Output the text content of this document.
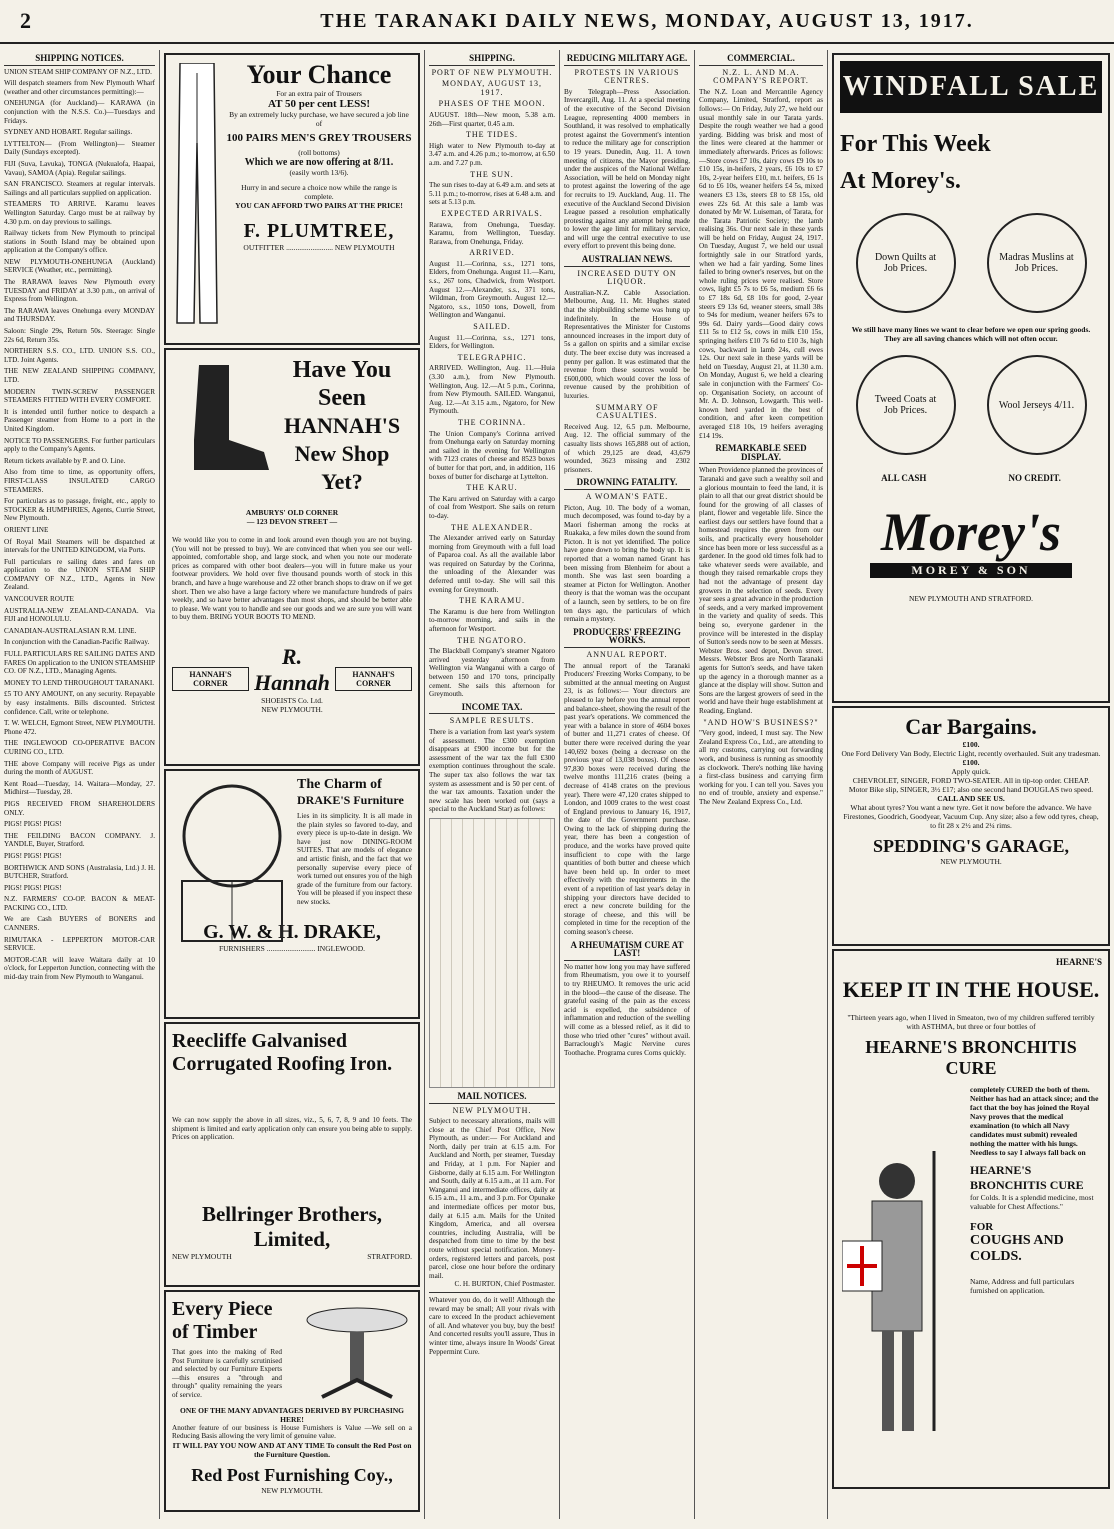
2	THE TARANAKI DAILY NEWS, MONDAY, AUGUST 13, 1917.
SHIPPING NOTICES.

UNION STEAM SHIP COMPANY OF N.Z., LTD.

Will despatch steamers from New Plymouth Wharf (weather and other circumstances permitting):—

ONEHUNGA (for Auckland)— KARAWA (in conjunction with the N.S.S. Co.)—Tuesdays and Fridays.

SYDNEY AND HOBART. Regular sailings.

LYTTELTON— (From Wellington)— Steamer Daily (Sundays excepted).

FIJI (Suva, Lavuka), TONGA (Nukualofa, Haapai, Vavau), SAMOA (Apia). Regular sailings.

SAN FRANCISCO. Steamers at regular intervals. Sailings and all particulars supplied on application.

STEAMERS TO ARRIVE. Karamu leaves Wellington Saturday. Cargo must be at railway by 4.30 p.m. on day previous to sailings.

Railway tickets from New Plymouth to principal stations in South Island may be obtained upon application at the Company's office.

NEW PLYMOUTH-ONEHUNGA (Auckland) SERVICE (Weather, etc., permitting).

The RARAWA leaves New Plymouth every TUESDAY and FRIDAY at 3.30 p.m., on arrival of Express from Wellington.

The RARAWA leaves Onehunga every MONDAY and THURSDAY.

Saloon: Single 29s, Return 50s. Steerage: Single 22s 6d, Return 35s.

NORTHERN S.S. CO., LTD. UNION S.S. CO., LTD. Joint Agents.

THE NEW ZEALAND SHIPPING COMPANY, LTD.

MODERN TWIN-SCREW PASSENGER STEAMERS FITTED WITH EVERY COMFORT.

It is intended until further notice to despatch a Passenger steamer from Home to a port in the United Kingdom.

NOTICE TO PASSENGERS. For further particulars apply to the Company's Agents.

Return tickets available by P. and O. Line.

Also from time to time, as opportunity offers, FIRST-CLASS INSULATED CARGO STEAMERS.

For particulars as to passage, freight, etc., apply to STOCKER & HUMPHRIES, Agents, Currie Street, New Plymouth.

ORIENT LINE

Of Royal Mail Steamers will be dispatched at intervals for the UNITED KINGDOM, via Ports.

Full particulars re sailing dates and fares on application to the UNION STEAM SHIP COMPANY OF N.Z., LTD., Agents in New Zealand.

VANCOUVER ROUTE

AUSTRALIA-NEW ZEALAND-CANADA. Via FIJI and HONOLULU.

CANADIAN-AUSTRALASIAN R.M. LINE.

In conjunction with the Canadian-Pacific Railway.

FULL PARTICULARS RE SAILING DATES AND FARES On application to the UNION STEAMSHIP CO. OF N.Z., LTD., Managing Agents.

MONEY TO LEND THROUGHOUT TARANAKI.

£5 TO ANY AMOUNT, on any security. Repayable by easy instalments. Bills discounted. Strictest confidence. Call, write or telephone.

T. W. WELCH, Egmont Street, NEW PLYMOUTH. Phone 472.

THE INGLEWOOD CO-OPERATIVE BACON CURING CO., LTD.

THE above Company will receive Pigs as under during the month of AUGUST.

Kent Road—Tuesday, 14. Waitara—Monday, 27. Midhirst—Tuesday, 28.

PIGS RECEIVED FROM SHAREHOLDERS ONLY.

PIGS! PIGS! PIGS!

THE FEILDING BACON COMPANY. J. YANDLE, Buyer, Stratford.

PIGS! PIGS! PIGS!

BORTHWICK AND SONS (Australasia, Ltd.) J. H. BUTCHER, Stratford.

PIGS! PIGS! PIGS!

N.Z. FARMERS' CO-OP. BACON & MEAT-PACKING CO., LTD.

We are Cash BUYERS of BONERS and CANNERS.

RIMUTAKA - LEPPERTON MOTOR-CAR SERVICE.

MOTOR-CAR will leave Waitara daily at 10 o'clock, for Lepperton Junction, connecting with the mid-day train from New Plymouth to Wanganui.

Your Chance
For an extra pair of Trousers
AT 50 per cent LESS!
By an extremely lucky purchase, we have secured a job line of
100 PAIRS MEN'S GREY TROUSERS
(roll bottoms)
Which we are now offering at 8/11.
(easily worth 13/6).
Hurry in and secure a choice now while the range is complete.
YOU CAN AFFORD TWO PAIRS AT THE PRICE!
F. PLUMTREE,
OUTFITTER ......................... NEW PLYMOUTH
Have You
Seen
HANNAH'S
New Shop Yet?
AMBURYS' OLD CORNER
— 123 DEVON STREET —
We would like you to come in and look around even though you are not buying. (You will not be pressed to buy). We are convinced that when you see our well-appointed, comfortable shop, and large stock, and when you note our moderate prices as compared with other boot dealers—you will in future make us your footwear providers. We hold over five thousand pounds worth of stock in this branch, and have a huge warehouse and 22 other branch shops to draw on if we get short. Then we also have a large factory where we manufacture hundreds of pairs weekly, and so have better advantages than most shops, and should be better able to please. We want you to handle and see our goods and we are sure you will want to buy them. BRING YOUR BOOTS TO MEND.
HANNAH'S CORNER
R. Hannah
SHOEISTS Co. Ltd.
NEW PLYMOUTH.
HANNAH'S CORNER
The Charm of
DRAKE'S Furniture
Lies in its simplicity. It is all made in the plain styles so favored to-day, and every piece is up-to-date in design. We have just now DINING-ROOM SUITES. That are models of elegance and artistic finish, and the fact that we personally supervise every piece of work turned out ensures you of the high grade of the furniture from our factory. You will be pleased if you inspect these new stocks.
G. W. & H. DRAKE,
FURNISHERS .......................... INGLEWOOD.
Reecliffe Galvanised
Corrugated Roofing Iron.
We can now supply the above in all sizes, viz., 5, 6, 7, 8, 9 and 10 feets. The shipment is limited and early application only can ensure you being able to supply. Prices on application.
Bellringer Brothers, Limited,
NEW PLYMOUTH	STRATFORD.
Every Piece
of Timber
That goes into the making of Red Post Furniture is carefully scrutinised and selected by our Furniture Experts—this ensures a "through and through" quality remaining the years of service.
ONE OF THE MANY ADVANTAGES DERIVED BY PURCHASING HERE!
Another feature of our business is House Furnishers is Value —We sell on a Reducing Basis allowing the very limit of genuine value.
IT WILL PAY YOU NOW AND AT ANY TIME To consult the Red Post on the Furniture Question.
Red Post Furnishing Coy.,
NEW PLYMOUTH.
SHIPPING.
PORT OF NEW PLYMOUTH.
MONDAY, AUGUST 13, 1917.
PHASES OF THE MOON.

AUGUST. 18th—New moon, 5.38 a.m. 26th—First quarter, 0.45 a.m.

THE TIDES.

High water to New Plymouth to-day at 3.47 a.m. and 4.26 p.m.; to-morrow, at 6.50 a.m. and 7.27 p.m.

THE SUN.

The sun rises to-day at 6.49 a.m. and sets at 5.11 p.m.; to-morrow, rises at 6.48 a.m. and sets at 5.13 p.m.

EXPECTED ARRIVALS.

Rarawa, from Onehunga, Tuesday. Karamu, from Wellington, Tuesday. Rarawa, from Onehunga, Friday.

ARRIVED.

August 11.—Corinna, s.s., 1271 tons, Elders, from Onehunga. August 11.—Karu, s.s., 267 tons, Chadwick, from Westport. August 12.—Alexander, s.s., 371 tons, Wildman, from Greymouth. August 12.—Ngatoro, s.s., 1050 tons, Dowell, from Wellington and Wanganui.

SAILED.

August 11.—Corinna, s.s., 1271 tons, Elders, for Wellington.

TELEGRAPHIC.

ARRIVED. Wellington, Aug. 11.—Huia (3.30 a.m.), from New Plymouth. Wellington, Aug. 12.—At 5 p.m., Corinna, from New Plymouth. SAILED. Wanganui, Aug. 12.—At 3.15 a.m., Ngatoro, for New Plymouth.

THE CORINNA.

The Union Company's Corinna arrived from Onehunga early on Saturday morning and sailed in the evening for Wellington with 7123 crates of cheese and 8523 boxes of butter for that port, and, in addition, 116 boxes of butter for discharge at Lyttelton.

THE KARU.

The Karu arrived on Saturday with a cargo of coal from Westport. She sails on return to-day.

THE ALEXANDER.

The Alexander arrived early on Saturday morning from Greymouth with a full load of Paparoa coal. As all the available labor was required on Saturday by the Corinna, the unloading of the Alexander was deferred until to-day. She will sail this evening for Greymouth.

THE KARAMU.

The Karamu is due here from Wellington to-morrow morning, and sails in the afternoon for Westport.

THE NGATORO.

The Blackball Company's steamer Ngatoro arrived yesterday afternoon from Wellington via Wanganui with a cargo of between 150 and 170 tons, principally cement. She sails this afternoon for Greymouth.

INCOME TAX.
SAMPLE RESULTS.

There is a variation from last year's system of assessment. The £300 exemption disappears at £900 income but for the assessment of the war tax the full £300 exemption continues throughout the scale. The super tax also follows the war tax system as assessment and is 50 per cent. of the war tax amounts. Taxation under the new scale has been worked out (says a special to the Auckland Star) as follows:

MAIL NOTICES.
NEW PLYMOUTH.

Subject to necessary alterations, mails will close at the Chief Post Office, New Plymouth, as under:— For Auckland and North, daily per train at 6.15 a.m. For Auckland and North, per steamer, Tuesday and Friday, at 1 p.m. For Napier and Gisborne, daily at 6.15 a.m. For Wellington and South, daily at 6.15 a.m., at 11 a.m. For Wanganui and intermediate offices, daily at 6.15 a.m., 11 a.m., and 3 p.m. For Opunake and intermediate offices per motor bus, daily at 6.15 a.m. Mails for the United Kingdom, America, and all oversea countries, including Australia, will be despatched from time to time by the best route without special notification. Money-orders, registered letters and parcels, post parcel, close one hour before the ordinary mail.

C. H. BURTON, Chief Postmaster.

Whatever you do, do it well! Although the reward may be small; All your rivals with care to exceed In the product achievement of all. And whatever you buy, buy the best! And concerted results you'll assure, Thus in winter time, always insure In Woods' Great Peppermint Cure.

REDUCING MILITARY AGE.
PROTESTS IN VARIOUS CENTRES.

By Telegraph—Press Association. Invercargill, Aug. 11. At a special meeting of the executive of the Second Division League, representing 4000 members in Southland, it was resolved to emphatically protest against the Government's intention to reduce the military age for conscription to 19 years. Dunedin, Aug. 11. A town meeting of citizens, the Mayor presiding, under the auspices of the National Welfare Association, will be held on Monday night to protest against the lowering of the age for recruits to 19. Auckland, Aug. 11. The executive of the Auckland Second Division League passed a resolution emphatically protesting against any attempt being made to lower the age limit for military service, and will urge the central executive to use every effort to prevent this being done.

AUSTRALIAN NEWS.
INCREASED DUTY ON LIQUOR.

Australian-N.Z. Cable Association. Melbourne, Aug. 11. Mr. Hughes stated that the shipbuilding scheme was hung up indefinitely. In the House of Representatives the Minister for Customs announced increases in the import duty of 5s a gallon on spirits and a similar excise duty. The beer excise duty was increased a penny per gallon. It was estimated that the revenue from these sources would be £600,000, which would cover the loss of revenue caused by the prohibition of luxuries.

SUMMARY OF CASUALTIES.

Received Aug. 12, 6.5 p.m. Melbourne, Aug. 12. The official summary of the casualty lists shows 165,888 out of action, of which 29,125 are dead, 43,679 wounded, 3623 missing and 2302 prisoners.

DROWNING FATALITY.
A WOMAN'S FATE.

Picton, Aug. 10. The body of a woman, much decomposed, was found to-day by a Maori fisherman among the rocks at Ruakaka, a few miles down the sound from Picton. It is not yet identified. The police have gone down to bring the body up. It is reported that a woman named Grant has been missing from Blenheim for about a month. She was last seen boarding a steamer at Picton for Wellington. Another theory is that the woman was the occupant of a launch, seen by settlers, to be on fire ten days ago, the particulars of which remain a mystery.

PRODUCERS' FREEZING WORKS.
ANNUAL REPORT.

The annual report of the Taranaki Producers' Freezing Works Company, to be submitted at the annual meeting on August 23, is as follows:— Your directors are pleased to lay before you the annual report and balance-sheet, showing the result of the past year's operations. We commenced the year with a balance in store of 4604 boxes of butter and 11,271 crates of cheese. Of butter there were received during the year 140,692 boxes (being a decrease on the previous year of 13,038 boxes). Of cheese 97,830 boxes were received during the twelve months 111,216 crates (being a decrease of 4148 crates on the previous year). There were 47,120 crates shipped to London, and 1009 crates to the west coast of England previous to January 16, 1917, the date of the Government purchase. Owing to the lack of shipping during the year, there has been a congestion of produce, and the works have proved quite insufficient to cope with the large quantities of both butter and cheese which have been held up. In order to meet effectively with the requirements in the event of a repetition of last year's delay in shipping your directors have decided to erect a new concrete building for the storage of cheese, and this will be completed in time for the reception of the coming season's cheese.

A RHEUMATISM CURE AT LAST!

No matter how long you may have suffered from Rheumatism, you owe it to yourself to try RHEUMO. It removes the uric acid in the blood—the cause of the disease. The grateful easing of the pain as the excess acid is expelled, the subsidence of inflammation and reduction of the swelling will come as a blessed relief, as it did to those who tried other "cures" without avail. Barraclough's Magic Nervine cures Toothache. Programa cures Corns quickly.

COMMERCIAL.
N.Z. L. AND M.A. COMPANY'S REPORT.

The N.Z. Loan and Mercantile Agency Company, Limited, Stratford, report as follows:— On Friday, July 27, we held our usual monthly sale in our Tarata yards. Despite the rough weather we had a good yarding. Bidding was brisk and most of the lines were cleared at the hammer or immediately afterwards. Prices as follows:—Store cows £7 10s, dairy cows £9 10s to £10 15s, in-heifers, 2 years, £6 10s to £7 10s, 2-year heifers £10, m.t. heifers, £6 1s 6d to £6 10s, weaner heifers £4 5s, mixed weaners £3 13s, steers £8 to £8 15s, old ewes 22s 6d. At this sale a lamb was donated by Mr W. Luiseman, of Tarata, for the Tarata Patriotic Society; the lamb realising 36s. Our next sale in these yards will be held on Friday, August 24, 1917. On Tuesday, August 7, we held our usual fortnightly sale in our Stratford yards, when we had a fair yarding. Some lines failed to bring owner's reserves, but on the whole ruling prices were realised. Store cows, light £5 7s to £6 5s, medium £6 6s to £7 18s 6d, £8 10s for good, 2-year steers £9 13s 6d, weaner steers, small 38s to 94s for medium, weaner heifers 67s to 99s 6d. Dairy yards—Good dairy cows £11 5s to £12 5s, cows in milk £10 15s, springing heifers £10 7s 6d to £10 3s, high cows, backward in lamb 24s, cull ewes 12s. Our next sale in these yards will be held on Tuesday, August 21, at 11.30 a.m. On Monday, August 6, we held a clearing sale in conjunction with the Farmers' Co-op. Organisation Society, on account of Mr. A. D. Johnson, Lowgarth. This well-known herd yarded in the best of condition, and after keen competition averaged £18 10s, 19 heifers averaging £14 19s.

REMARKABLE SEED DISPLAY.

When Providence planned the provinces of Taranaki and gave such a wealthy soil and a glorious mountain to feed the land, it is plain to all that our great district should be found for the growing of all classes of plant, flower and vegetable life. Since the earliest days our settlers have found that a homestead requires the green from our soils, and practically every householder since has been more or less successful as a gardener. In the good old times folk had to take whatever seeds were available, and though they raised remarkable crops they had not the advantage of present day growers in the selection of seeds. Every year sees a great advance in the production of seeds, and a very marked improvement in the variety and quality of seeds. This being so, everyone gardener in the province will be interested in the display of Sutton's seeds now to be seen at Messrs. Webster Bros. seed depot, Devon street. Messrs. Webster Bros are North Taranaki agents for Sutton's seeds, and have taken up the agency in a thorough manner as a glance at the display will show. Sutton and Sons are the largest growers of seed in the world and have their huge establishment at Reading, England.

"AND HOW'S BUSINESS?"

"Very good, indeed, I must say. The New Zealand Express Co., Ltd., are attending to all my customs, carrying out forwarding work, and business is running as smoothly as clockwork. There's nothing like having a first-class business and carrying firm working for you. I can tell you. Saves you no end of trouble, anxiety and expense." The New Zealand Express Co., Ltd.

WINDFALL SALE
For This Week
At Morey's.
Down Quilts at Job Prices.
Madras Muslins at Job Prices.
We still have many lines we want to clear before we open our spring goods. They are all saving chances which will not often occur.
Tweed Coats at Job Prices.	Wool Jerseys 4/11.
ALL CASH	NO CREDIT.
Morey's
MOREY & SON
NEW PLYMOUTH AND STRATFORD.
Car Bargains.
£100.
One Ford Delivery Van Body, Electric Light, recently overhauled. Suit any tradesman.
£100.
Apply quick.
CHEVROLET, SINGER, FORD TWO-SEATER. All in tip-top order. CHEAP.
Motor Bike slip, SINGER, 3½ £17; also one second hand DOUGLAS two speed.
CALL AND SEE US.
What about tyres? You want a new tyre. Get it now before the advance. We have Firestones, Goodrich, Goodyear, Vacuum Cup. Any size; also a few odd tyres, cheap, to fit 28 x 2½ and 2¼ rims.
SPEDDING'S GARAGE,
NEW PLYMOUTH.
HEARNE'S
KEEP IT IN THE HOUSE.
"Thirteen years ago, when I lived in Smeaton, two of my children suffered terribly with ASTHMA, but three or four bottles of
HEARNE'S BRONCHITIS CURE
completely CURED the both of them. Neither has had an attack since; and the fact that the boy has joined the Royal Navy proves that the medical examination (to which all Navy candidates must submit) revealed nothing the matter with his lungs. Needless to say I always fall back on
HEARNE'S BRONCHITIS CURE
for Colds. It is a splendid medicine, most valuable for Chest Affections."
FOR
COUGHS AND COLDS.
Name, Address and full particulars furnished on application.
